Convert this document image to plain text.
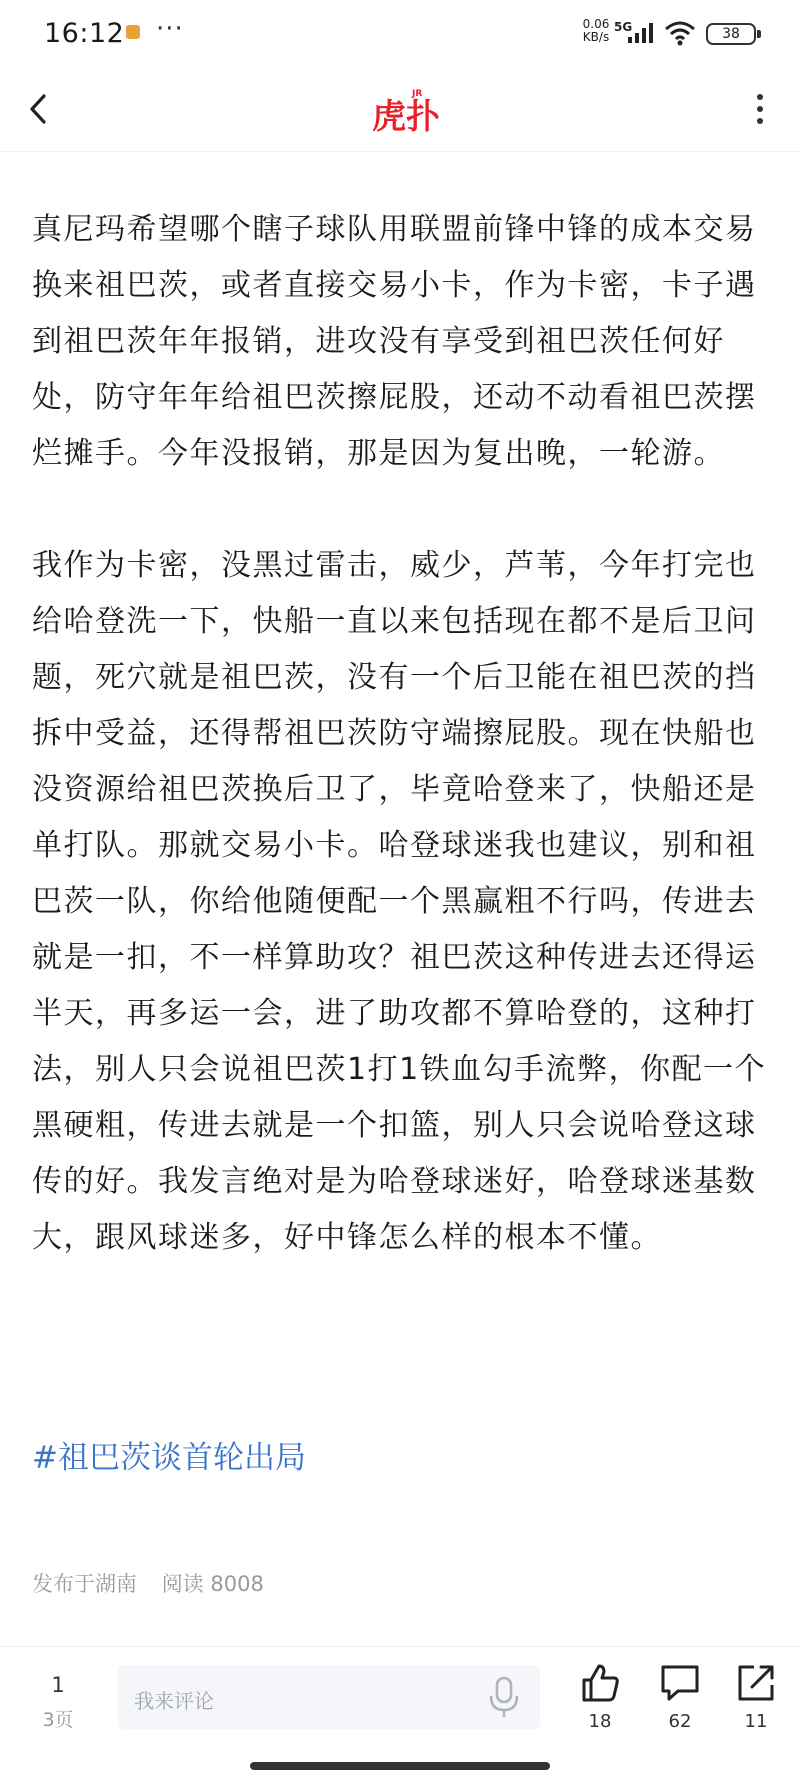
16:12 ···	0.06
KB/s
5G	38
虎扑
JR

真尼玛希望哪个瞎子球队用联盟前锋中锋的成本交易换来祖巴茨，或者直接交易小卡，作为卡密，卡子遇到祖巴茨年年报销，进攻没有享受到祖巴茨任何好处，防守年年给祖巴茨擦屁股，还动不动看祖巴茨摆烂摊手。今年没报销，那是因为复出晚，一轮游。

我作为卡密，没黑过雷击，威少，芦苇，今年打完也给哈登洗一下，快船一直以来包括现在都不是后卫问题，死穴就是祖巴茨，没有一个后卫能在祖巴茨的挡拆中受益，还得帮祖巴茨防守端擦屁股。现在快船也没资源给祖巴茨换后卫了，毕竟哈登来了，快船还是单打队。那就交易小卡。哈登球迷我也建议，别和祖巴茨一队，你给他随便配一个黑赢粗不行吗，传进去就是一扣，不一样算助攻？祖巴茨这种传进去还得运半天，再多运一会，进了助攻都不算哈登的，这种打法，别人只会说祖巴茨1打1铁血勾手流弊，你配一个黑硬粗，传进去就是一个扣篮，别人只会说哈登这球传的好。我发言绝对是为哈登球迷好，哈登球迷基数大，跟风球迷多，好中锋怎么样的根本不懂。

#祖巴茨谈首轮出局
发布于湖南 阅读 8008
1
3页
我来评论
18	62	11
